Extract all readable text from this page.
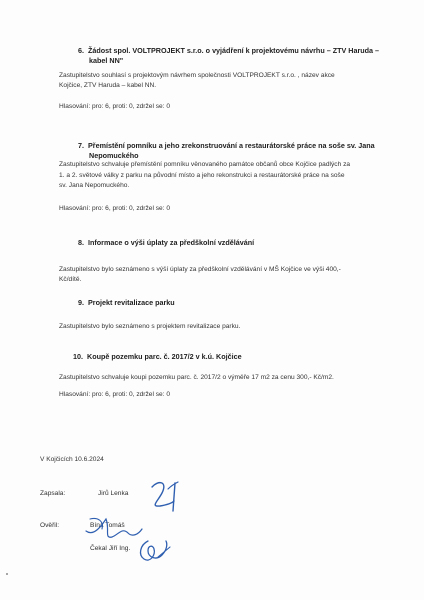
6. Žádost spol. VOLTPROJEKT s.r.o. o vyjádření k projektovému návrhu – ZTV Haruda –
kabel NN"
Zastupitelstvo souhlasí s projektovým návrhem společnosti VOLTPROJEKT s.r.o. , název akce
Kojčice, ZTV Haruda – kabel NN.
Hlasování: pro: 6, proti: 0, zdržel se: 0
7. Přemístění pomníku a jeho zrekonstruování a restaurátorské práce na soše sv. Jana
Nepomuckého
Zastupitelstvo schvaluje přemístění pomníku věnovaného památce občanů obce Kojčice padlých za
1. a 2. světové války z parku na původní místo a jeho rekonstrukci a restaurátorské práce na soše
sv. Jana Nepomuckého.
Hlasování: pro: 6, proti: 0, zdržel se: 0
8. Informace o výši úplaty za předškolní vzdělávání
Zastupitelstvo bylo seznámeno s výší úplaty za předškolní vzdělávání v MŠ Kojčice ve výši 400,-
Kč/dítě.
9. Projekt revitalizace parku
Zastupitelstvo bylo seznámeno s projektem revitalizace parku.
10. Koupě pozemku parc. č. 2017/2 v k.ú. Kojčice
Zastupitelstvo schvaluje koupi pozemku parc. č. 2017/2 o výměře 17 m2 za cenu 300,- Kč/m2.
Hlasování: pro: 6, proti: 0, zdržel se: 0
V Kojčicích 10.6.2024
Zapsala:	Jirů Lenka
Ověřil:	Bína Tomáš
Čekal Jiří Ing.
